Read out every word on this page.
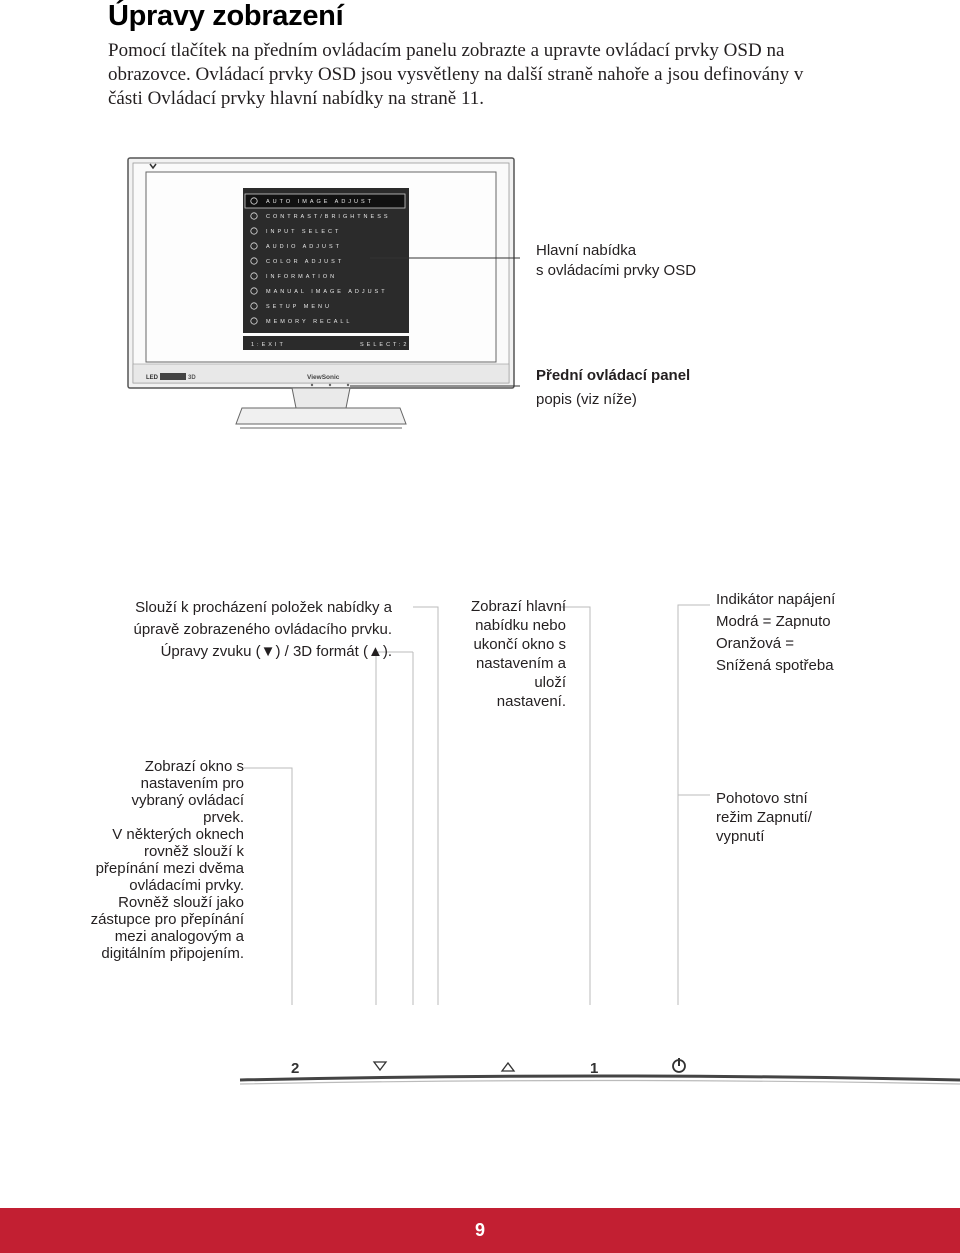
Úpravy zobrazení

Pomocí tlačítek na předním ovládacím panelu zobrazte a upravte ovládací prvky OSD na obrazovce. Ovládací prvky OSD jsou vysvětleny na další straně nahoře a jsou definovány v části Ovládací prvky hlavní nabídky na straně 11.

AUTO IMAGE ADJUST
CONTRAST/BRIGHTNESS
INPUT SELECT
AUDIO ADJUST
COLOR ADJUST
INFORMATION
MANUAL IMAGE ADJUST
SETUP MENU
MEMORY RECALL
1:EXIT	SELECT:2
LED	3D	ViewSonic
2	1
Hlavní nabídka
s ovládacími prvky OSD
Přední ovládací panel
popis (viz níže)
Slouží k procházení položek nabídky a
úpravě zobrazeného ovládacího prvku.
Úpravy zvuku (▼) / 3D formát (▲).
Zobrazí hlavní
nabídku nebo
ukončí okno s
nastavením a
uloží
nastavení.
Indikátor napájení
Modrá = Zapnuto
Oranžová =
Snížená spotřeba
Zobrazí okno s
nastavením pro
vybraný ovládací
prvek.
V některých oknech
rovněž slouží k
přepínání mezi dvěma
ovládacími prvky.
Rovněž slouží jako
zástupce pro přepínání
mezi analogovým a
digitálním připojením.
Pohotovo stní
režim Zapnutí/
vypnutí
9
